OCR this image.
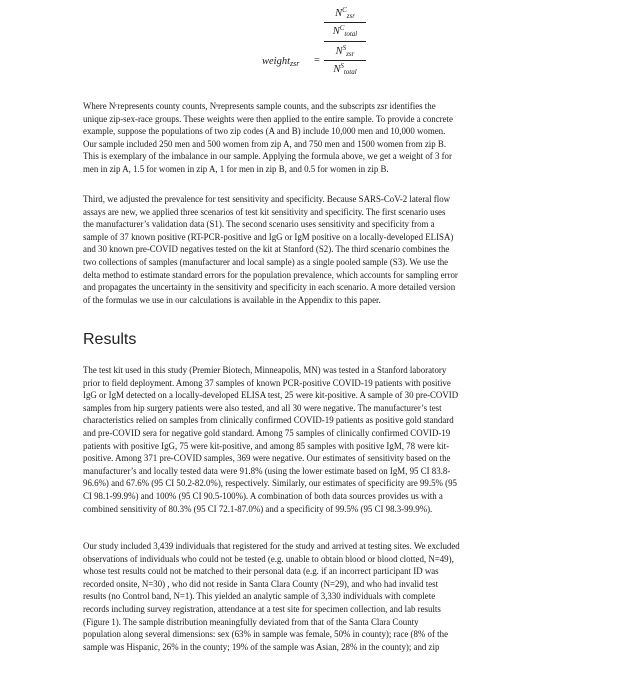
weight$_{zsr}$ =
$N^Czsr$
$N^Ctotal$
$N^Szsr$
$N^Stotal$
Where Nᶜrepresents county counts, Nˢrepresents sample counts, and the subscripts zsr identifies the
unique zip-sex-race groups. These weights were then applied to the entire sample. To provide a concrete
example, suppose the populations of two zip codes (A and B) include 10,000 men and 10,000 women.
Our sample included 250 men and 500 women from zip A, and 750 men and 1500 women from zip B.
This is exemplary of the imbalance in our sample. Applying the formula above, we get a weight of 3 for
men in zip A, 1.5 for women in zip A, 1 for men in zip B, and 0.5 for women in zip B.
Third, we adjusted the prevalence for test sensitivity and specificity. Because SARS-CoV-2 lateral flow
assays are new, we applied three scenarios of test kit sensitivity and specificity. The first scenario uses
the manufacturer’s validation data (S1). The second scenario uses sensitivity and specificity from a
sample of 37 known positive (RT-PCR-positive and IgG or IgM positive on a locally-developed ELISA)
and 30 known pre-COVID negatives tested on the kit at Stanford (S2). The third scenario combines the
two collections of samples (manufacturer and local sample) as a single pooled sample (S3). We use the
delta method to estimate standard errors for the population prevalence, which accounts for sampling error
and propagates the uncertainty in the sensitivity and specificity in each scenario. A more detailed version
of the formulas we use in our calculations is available in the Appendix to this paper.
Results
The test kit used in this study (Premier Biotech, Minneapolis, MN) was tested in a Stanford laboratory
prior to field deployment. Among 37 samples of known PCR-positive COVID-19 patients with positive
IgG or IgM detected on a locally-developed ELISA test, 25 were kit-positive. A sample of 30 pre-COVID
samples from hip surgery patients were also tested, and all 30 were negative. The manufacturer’s test
characteristics relied on samples from clinically confirmed COVID-19 patients as positive gold standard
and pre-COVID sera for negative gold standard. Among 75 samples of clinically confirmed COVID-19
patients with positive IgG, 75 were kit-positive, and among 85 samples with positive IgM, 78 were kit-
positive. Among 371 pre-COVID samples, 369 were negative. Our estimates of sensitivity based on the
manufacturer’s and locally tested data were 91.8% (using the lower estimate based on IgM, 95 CI 83.8-
96.6%) and 67.6% (95 CI 50.2-82.0%), respectively. Similarly, our estimates of specificity are 99.5% (95
CI 98.1-99.9%) and 100% (95 CI 90.5-100%). A combination of both data sources provides us with a
combined sensitivity of 80.3% (95 CI 72.1-87.0%) and a specificity of 99.5% (95 CI 98.3-99.9%).
Our study included 3,439 individuals that registered for the study and arrived at testing sites. We excluded
observations of individuals who could not be tested (e.g. unable to obtain blood or blood clotted, N=49),
whose test results could not be matched to their personal data (e.g. if an incorrect participant ID was
recorded onsite, N=30) , who did not reside in Santa Clara County (N=29), and who had invalid test
results (no Control band, N=1). This yielded an analytic sample of 3,330 individuals with complete
records including survey registration, attendance at a test site for specimen collection, and lab results
(Figure 1). The sample distribution meaningfully deviated from that of the Santa Clara County
population along several dimensions: sex (63% in sample was female, 50% in county); race (8% of the
sample was Hispanic, 26% in the county; 19% of the sample was Asian, 28% in the county); and zip
